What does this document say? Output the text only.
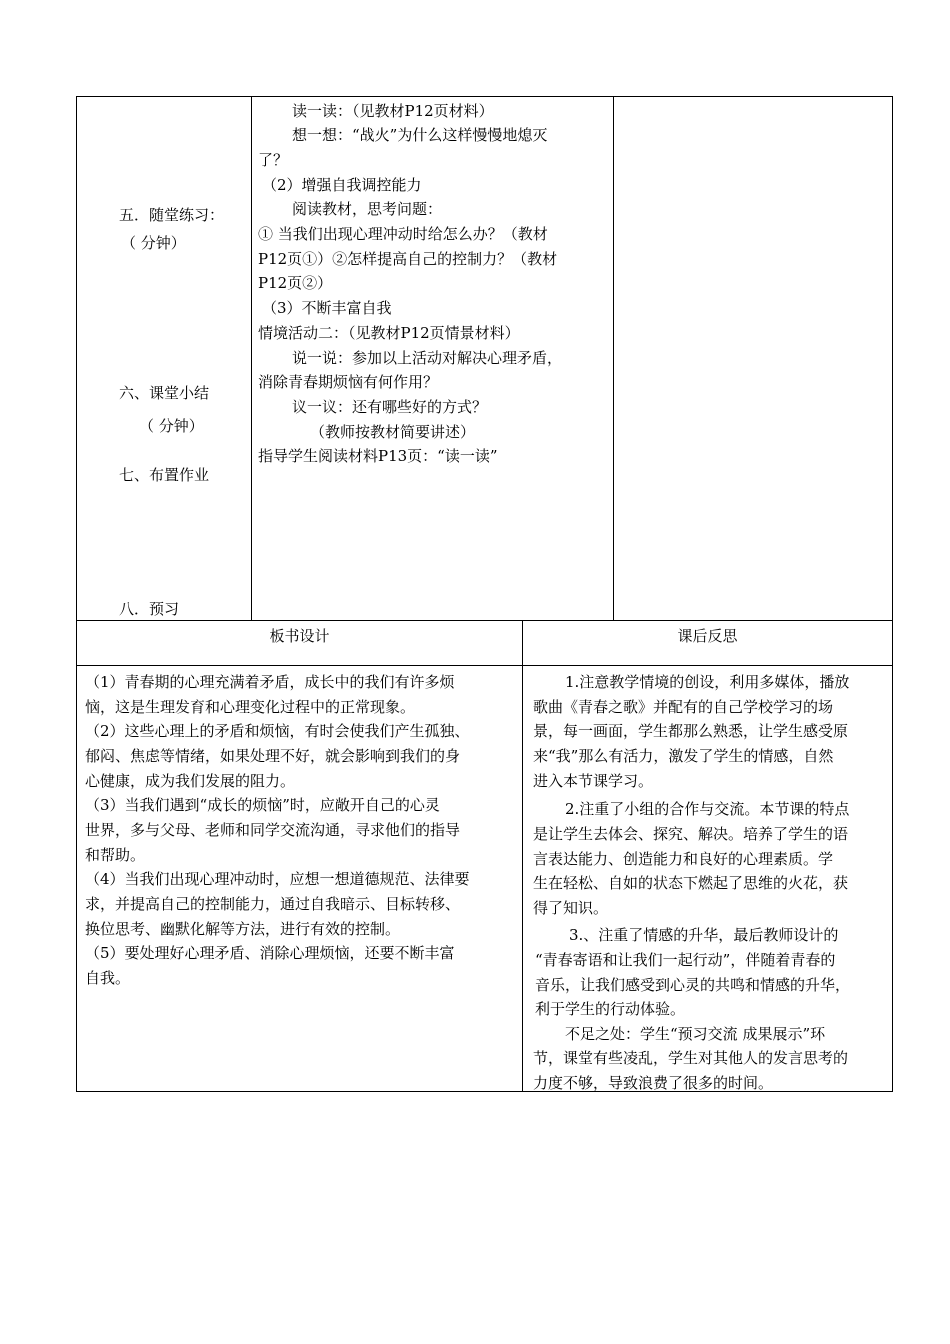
五．随堂练习：
（ 分钟）
六、课堂小结
（ 分钟）
七、布置作业
八．预习
读一读：（见教材P12页材料）
想一想：“战火”为什么这样慢慢地熄灭
了？
（2）增强自我调控能力
阅读教材，思考问题：
① 当我们出现心理冲动时给怎么办？（教材
P12页①）②怎样提高自己的控制力？（教材
P12页②）
（3）不断丰富自我
情境活动二：（见教材P12页情景材料）
说一说：参加以上活动对解决心理矛盾，
消除青春期烦恼有何作用？
议一议：还有哪些好的方式？
（教师按教材简要讲述）
指导学生阅读材料P13页：“读一读”
板书设计	课后反思
（1）青春期的心理充满着矛盾，成长中的我们有许多烦
恼，这是生理发育和心理变化过程中的正常现象。
（2）这些心理上的矛盾和烦恼，有时会使我们产生孤独、
郁闷、焦虑等情绪，如果处理不好，就会影响到我们的身
心健康，成为我们发展的阻力。
（3）当我们遇到“成长的烦恼”时，应敞开自己的心灵
世界，多与父母、老师和同学交流沟通，寻求他们的指导
和帮助。
（4）当我们出现心理冲动时，应想一想道德规范、法律要
求，并提高自己的控制能力，通过自我暗示、目标转移、
换位思考、幽默化解等方法，进行有效的控制。
（5）要处理好心理矛盾、消除心理烦恼，还要不断丰富
自我。
1.注意教学情境的创设，利用多媒体，播放
歌曲《青春之歌》并配有的自己学校学习的场
景，每一画面，学生都那么熟悉，让学生感受原
来“我”那么有活力，激发了学生的情感，自然
进入本节课学习。
2.注重了小组的合作与交流。本节课的特点
是让学生去体会、探究、解决。培养了学生的语
言表达能力、创造能力和良好的心理素质。学
生在轻松、自如的状态下燃起了思维的火花，获
得了知识。
3.、注重了情感的升华，最后教师设计的
“青春寄语和让我们一起行动”，伴随着青春的
音乐，让我们感受到心灵的共鸣和情感的升华，
利于学生的行动体验。
不足之处：学生“预习交流 成果展示”环
节，课堂有些凌乱，学生对其他人的发言思考的
力度不够，导致浪费了很多的时间。
